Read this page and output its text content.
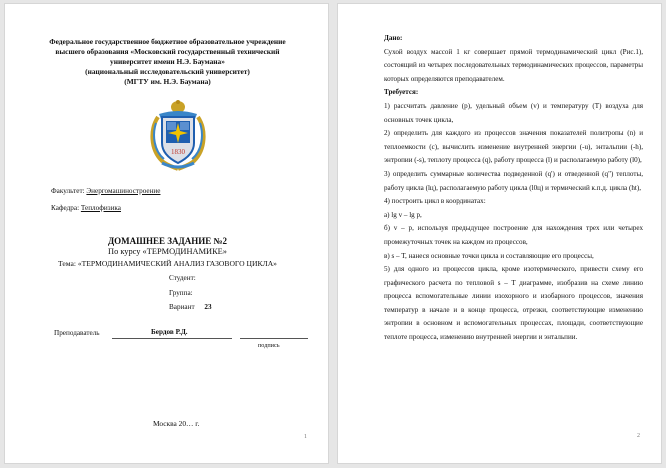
Федеральное государственное бюджетное образовательное учреждение
высшего образования «Московский государственный технический
университет имени Н.Э. Баумана»
(национальный исследовательский университет)
(МГТУ им. Н.Э. Баумана)
1830
Факультет: Энергомашиностроение
Кафедра: Теплофизика
ДОМАШНЕЕ ЗАДАНИЕ №2
По курсу «ТЕРМОДИНАМИКЕ»
Тема: «ТЕРМОДИНАМИЧЕСКИЙ АНАЛИЗ ГАЗОВОГО ЦИКЛА»
Студент:
Группа:
Вариант 23
Преподаватель	Бердов Р.Д.
подпись
Москва 20… г.
1

Дано:

Сухой воздух массой 1 кг совершает прямой термодинамический цикл (Рис.1), состоящий из четырех последовательных термодинамических процессов, параметры которых определяются преподавателем.

Требуется:

1) рассчитать давление (p), удельный объем (v) и температуру (T) воздуха для основных точек цикла,

2) определить для каждого из процессов значения показателей политропы (n) и теплоемкости (c), вычислить изменение внутренней энергии (-u), энтальпии (-h), энтропии (-s), теплоту процесса (q), работу процесса (l) и располагаемую работу (l0),

3) определить суммарные количества подведенной (q') и отведенной (q") теплоты, работу цикла (lц), располагаемую работу цикла (l0ц) и термический к.п.д. цикла (ht),

4) построить цикл в координатах:

а) lg v – lg p,

б) v – p, используя предыдущее построение для нахождения трех или четырех промежуточных точек на каждом из процессов,

в) s – T, нанеся основные точки цикла и составляющие его процессы,

5) для одного из процессов цикла, кроме изотермического, привести схему его графического расчета по тепловой s – T диаграмме, изобразив на схеме линию процесса вспомогательные линии изохорного и изобарного процессов, значения температур в начале и в конце процесса, отрезки, соответствующие изменению энтропии в основном и вспомогательных процессах, площади, соответствующие теплоте процесса, изменению внутренней энергии и энтальпии.

2
